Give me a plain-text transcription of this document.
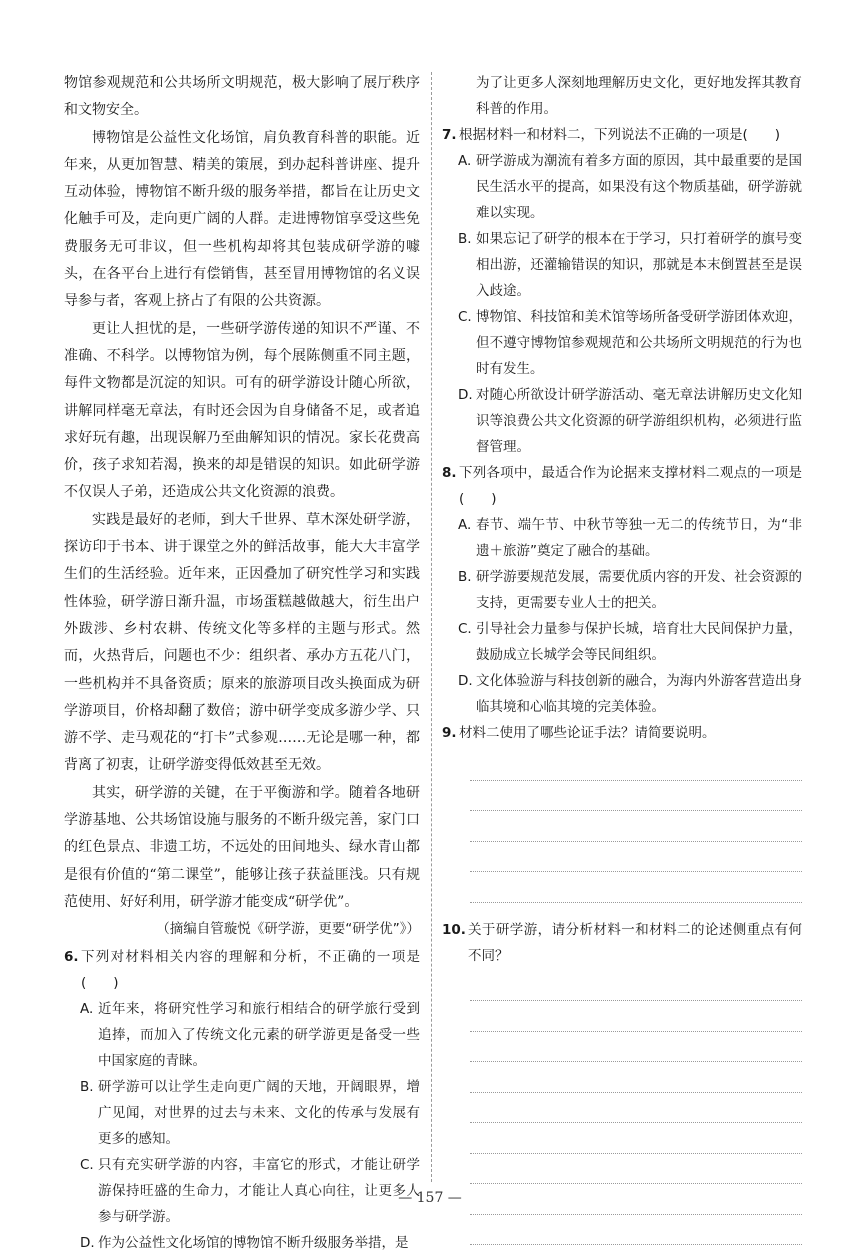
物馆参观规范和公共场所文明规范，极大影响了展厅秩序和文物安全。

博物馆是公益性文化场馆，肩负教育科普的职能。近年来，从更加智慧、精美的策展，到办起科普讲座、提升互动体验，博物馆不断升级的服务举措，都旨在让历史文化触手可及，走向更广阔的人群。走进博物馆享受这些免费服务无可非议，但一些机构却将其包装成研学游的噱头，在各平台上进行有偿销售，甚至冒用博物馆的名义误导参与者，客观上挤占了有限的公共资源。

更让人担忧的是，一些研学游传递的知识不严谨、不准确、不科学。以博物馆为例，每个展陈侧重不同主题，每件文物都是沉淀的知识。可有的研学游设计随心所欲，讲解同样毫无章法，有时还会因为自身储备不足，或者追求好玩有趣，出现误解乃至曲解知识的情况。家长花费高价，孩子求知若渴，换来的却是错误的知识。如此研学游不仅误人子弟，还造成公共文化资源的浪费。

实践是最好的老师，到大千世界、草木深处研学游，探访印于书本、讲于课堂之外的鲜活故事，能大大丰富学生们的生活经验。近年来，正因叠加了研究性学习和实践性体验，研学游日渐升温，市场蛋糕越做越大，衍生出户外跋涉、乡村农耕、传统文化等多样的主题与形式。然而，火热背后，问题也不少：组织者、承办方五花八门，一些机构并不具备资质；原来的旅游项目改头换面成为研学游项目，价格却翻了数倍；游中研学变成多游少学、只游不学、走马观花的“打卡”式参观……无论是哪一种，都背离了初衷，让研学游变得低效甚至无效。

其实，研学游的关键，在于平衡游和学。随着各地研学游基地、公共场馆设施与服务的不断升级完善，家门口的红色景点、非遗工坊，不远处的田间地头、绿水青山都是很有价值的“第二课堂”，能够让孩子获益匪浅。只有规范使用、好好利用，研学游才能变成“研学优”。

（摘编自管璇悦《研学游，更要“研学优”》）

6. 下列对材料相关内容的理解和分析，不正确的一项是(　　)

A. 近年来，将研究性学习和旅行相结合的研学旅行受到追捧，而加入了传统文化元素的研学游更是备受一些中国家庭的青睐。

B. 研学游可以让学生走向更广阔的天地，开阔眼界，增广见闻，对世界的过去与未来、文化的传承与发展有更多的感知。

C. 只有充实研学游的内容，丰富它的形式，才能让研学游保持旺盛的生命力，才能让人真心向往，让更多人参与研学游。

D. 作为公益性文化场馆的博物馆不断升级服务举措，是

为了让更多人深刻地理解历史文化，更好地发挥其教育科普的作用。

7. 根据材料一和材料二，下列说法不正确的一项是(　　)

A. 研学游成为潮流有着多方面的原因，其中最重要的是国民生活水平的提高，如果没有这个物质基础，研学游就难以实现。

B. 如果忘记了研学的根本在于学习，只打着研学的旗号变相出游，还灌输错误的知识，那就是本末倒置甚至是误入歧途。

C. 博物馆、科技馆和美术馆等场所备受研学游团体欢迎，但不遵守博物馆参观规范和公共场所文明规范的行为也时有发生。

D. 对随心所欲设计研学游活动、毫无章法讲解历史文化知识等浪费公共文化资源的研学游组织机构，必须进行监督管理。

8. 下列各项中，最适合作为论据来支撑材料二观点的一项是(　　)

A. 春节、端午节、中秋节等独一无二的传统节日，为“非遗＋旅游”奠定了融合的基础。

B. 研学游要规范发展，需要优质内容的开发、社会资源的支持，更需要专业人士的把关。

C. 引导社会力量参与保护长城，培育壮大民间保护力量，鼓励成立长城学会等民间组织。

D. 文化体验游与科技创新的融合，为海内外游客营造出身临其境和心临其境的完美体验。

9. 材料二使用了哪些论证手法？请简要说明。

10. 关于研学游，请分析材料一和材料二的论述侧重点有何不同？

— 157 —
